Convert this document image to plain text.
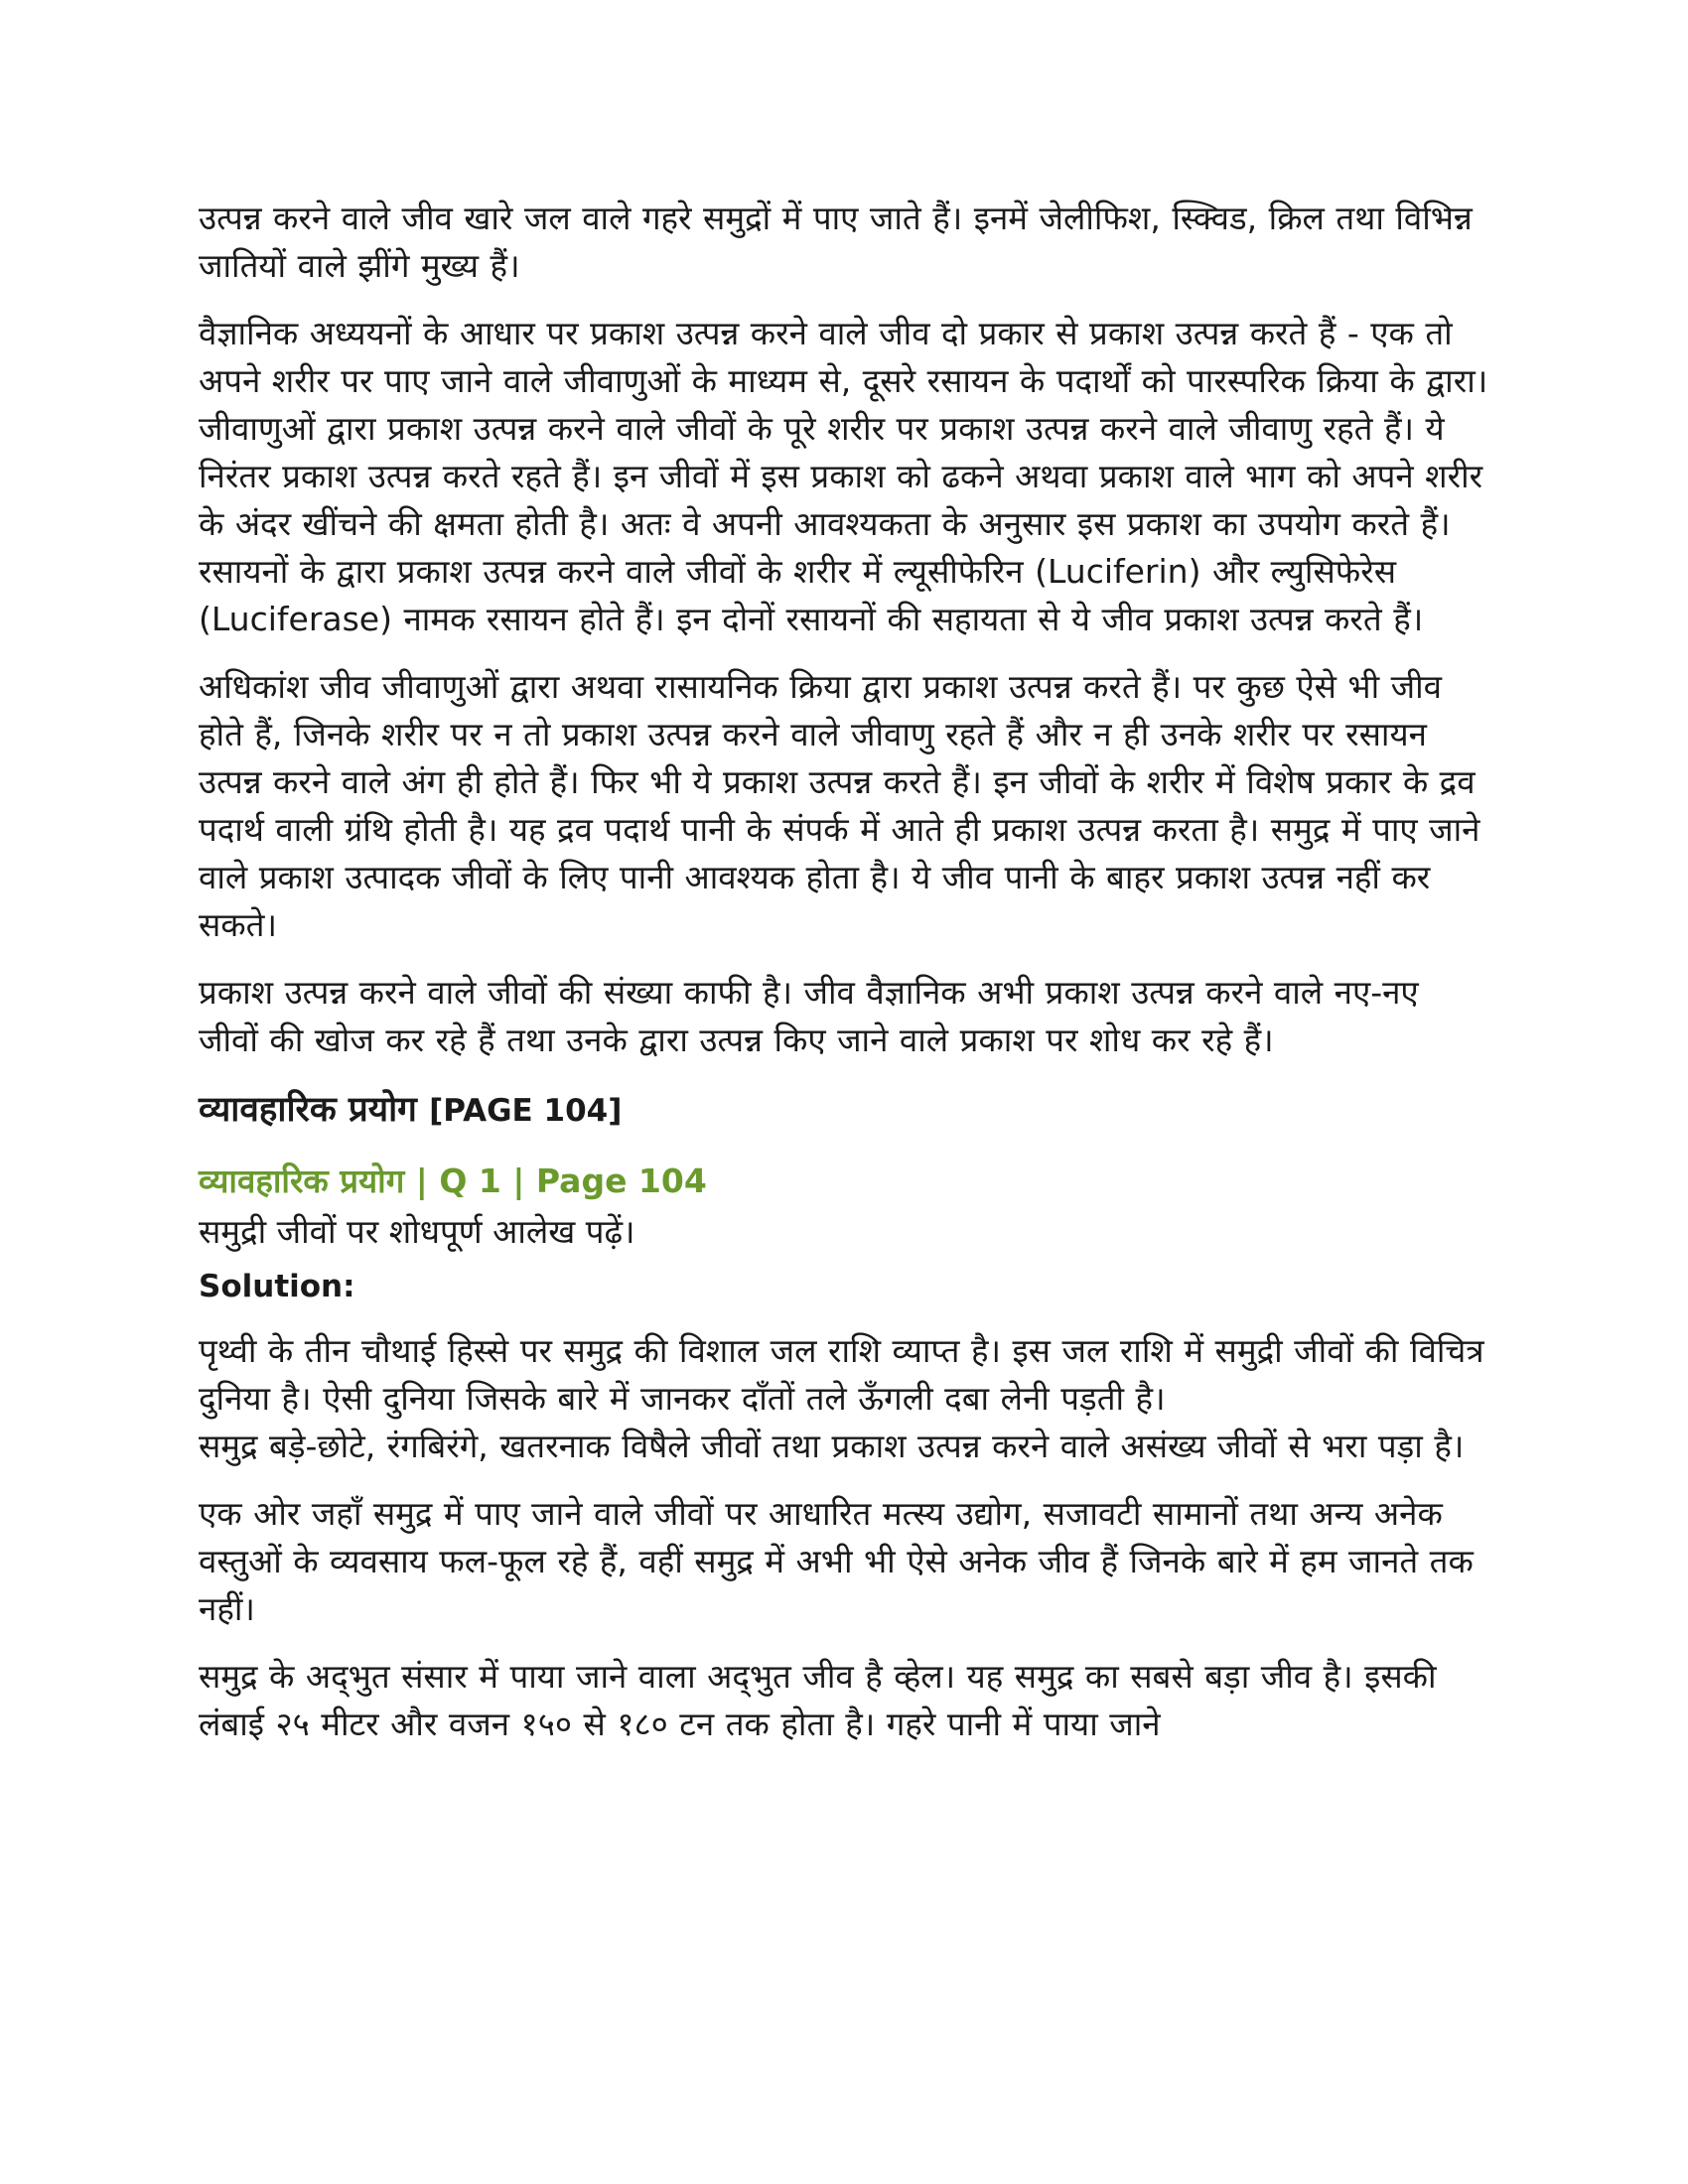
उत्पन्न करने वाले जीव खारे जल वाले गहरे समुद्रों में पाए जाते हैं। इनमें जेलीफिश, स्क्विड, क्रिल तथा विभिन्न जातियों वाले झींगे मुख्य हैं।

वैज्ञानिक अध्ययनों के आधार पर प्रकाश उत्पन्न करने वाले जीव दो प्रकार से प्रकाश उत्पन्न करते हैं - एक तो अपने शरीर पर पाए जाने वाले जीवाणुओं के माध्यम से, दूसरे रसायन के पदार्थों को पारस्परिक क्रिया के द्वारा। जीवाणुओं द्वारा प्रकाश उत्पन्न करने वाले जीवों के पूरे शरीर पर प्रकाश उत्पन्न करने वाले जीवाणु रहते हैं। ये निरंतर प्रकाश उत्पन्न करते रहते हैं। इन जीवों में इस प्रकाश को ढकने अथवा प्रकाश वाले भाग को अपने शरीर के अंदर खींचने की क्षमता होती है। अतः वे अपनी आवश्यकता के अनुसार इस प्रकाश का उपयोग करते हैं। रसायनों के द्वारा प्रकाश उत्पन्न करने वाले जीवों के शरीर में ल्यूसीफेरिन (Luciferin) और ल्युसिफेरेस (Luciferase) नामक रसायन होते हैं। इन दोनों रसायनों की सहायता से ये जीव प्रकाश उत्पन्न करते हैं।

अधिकांश जीव जीवाणुओं द्वारा अथवा रासायनिक क्रिया द्वारा प्रकाश उत्पन्न करते हैं। पर कुछ ऐसे भी जीव होते हैं, जिनके शरीर पर न तो प्रकाश उत्पन्न करने वाले जीवाणु रहते हैं और न ही उनके शरीर पर रसायन उत्पन्न करने वाले अंग ही होते हैं। फिर भी ये प्रकाश उत्पन्न करते हैं। इन जीवों के शरीर में विशेष प्रकार के द्रव पदार्थ वाली ग्रंथि होती है। यह द्रव पदार्थ पानी के संपर्क में आते ही प्रकाश उत्पन्न करता है। समुद्र में पाए जाने वाले प्रकाश उत्पादक जीवों के लिए पानी आवश्यक होता है। ये जीव पानी के बाहर प्रकाश उत्पन्न नहीं कर सकते।

प्रकाश उत्पन्न करने वाले जीवों की संख्या काफी है। जीव वैज्ञानिक अभी प्रकाश उत्पन्न करने वाले नए-नए जीवों की खोज कर रहे हैं तथा उनके द्वारा उत्पन्न किए जाने वाले प्रकाश पर शोध कर रहे हैं।

व्यावहारिक प्रयोग [PAGE 104]
व्यावहारिक प्रयोग | Q 1 | Page 104
समुद्री जीवों पर शोधपूर्ण आलेख पढ़ें।
Solution:

पृथ्वी के तीन चौथाई हिस्से पर समुद्र की विशाल जल राशि व्याप्त है। इस जल राशि में समुद्री जीवों की विचित्र दुनिया है। ऐसी दुनिया जिसके बारे में जानकर दाँतों तले ऊँगली दबा लेनी पड़ती है।

समुद्र बड़े-छोटे, रंगबिरंगे, खतरनाक विषैले जीवों तथा प्रकाश उत्पन्न करने वाले असंख्य जीवों से भरा पड़ा है।

एक ओर जहाँ समुद्र में पाए जाने वाले जीवों पर आधारित मत्स्य उद्योग, सजावटी सामानों तथा अन्य अनेक वस्तुओं के व्यवसाय फल-फूल रहे हैं, वहीं समुद्र में अभी भी ऐसे अनेक जीव हैं जिनके बारे में हम जानते तक नहीं।

समुद्र के अद्‌भुत संसार में पाया जाने वाला अद्‌भुत जीव है व्हेल। यह समुद्र का सबसे बड़ा जीव है। इसकी लंबाई २५ मीटर और वजन १५० से १८० टन तक होता है। गहरे पानी में पाया जाने
